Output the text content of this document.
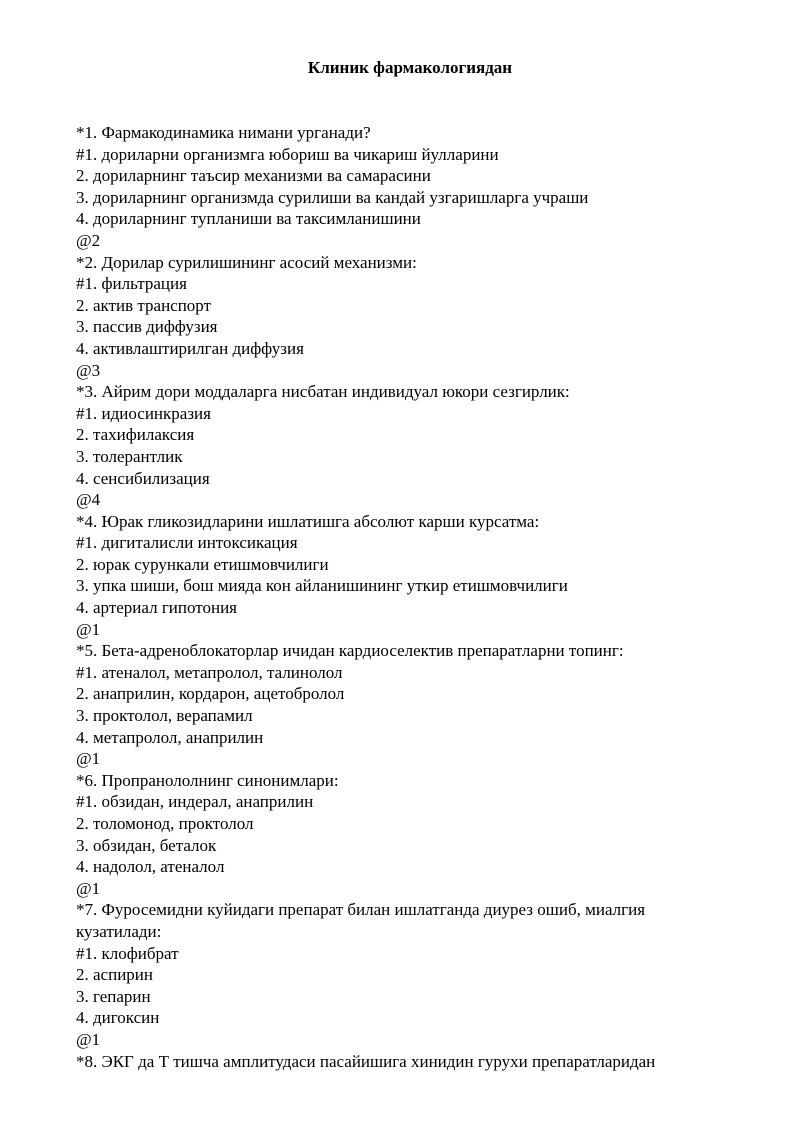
Клиник фармакологиядан
*1. Фармакодинамика нимани урганади?
#1. дориларни организмга юбориш ва чикариш йулларини
2. дориларнинг таъсир механизми ва самарасини
3. дориларнинг организмда сурилиши ва кандай узгаришларга учраши
4. дориларнинг тупланиши ва таксимланишини
@2
*2. Дорилар сурилишининг асосий механизми:
#1. фильтрация
2. актив транспорт
3. пассив диффузия
4. активлаштирилган диффузия
@3
*3. Айрим дори моддаларга нисбатан индивидуал юкори сезгирлик:
#1. идиосинкразия
2. тахифилаксия
3. толерантлик
4. сенсибилизация
@4
*4. Юрак гликозидларини ишлатишга абсолют карши курсатма:
#1. дигиталисли интоксикация
2. юрак сурункали етишмовчилиги
3. упка шиши, бош мияда кон айланишининг уткир етишмовчилиги
4. артериал гипотония
@1
*5. Бета-адреноблокаторлар ичидан кардиоселектив препаратларни топинг:
#1. атеналол, метапролол, талинолол
2. анаприлин, кордарон, ацетобролол
3. проктолол, верапамил
4. метапролол, анаприлин
@1
*6. Пропранололнинг синонимлари:
#1. обзидан, индерал, анаприлин
2. толомонод, проктолол
3. обзидан, беталок
4. надолол, атеналол
@1
*7. Фуросемидни куйидаги препарат билан ишлатганда диурез ошиб, миалгия
кузатилади:
#1. клофибрат
2. аспирин
3. гепарин
4. дигоксин
@1
*8. ЭКГ да Т тишча амплитудаси пасайишига хинидин гурухи препаратларидан
